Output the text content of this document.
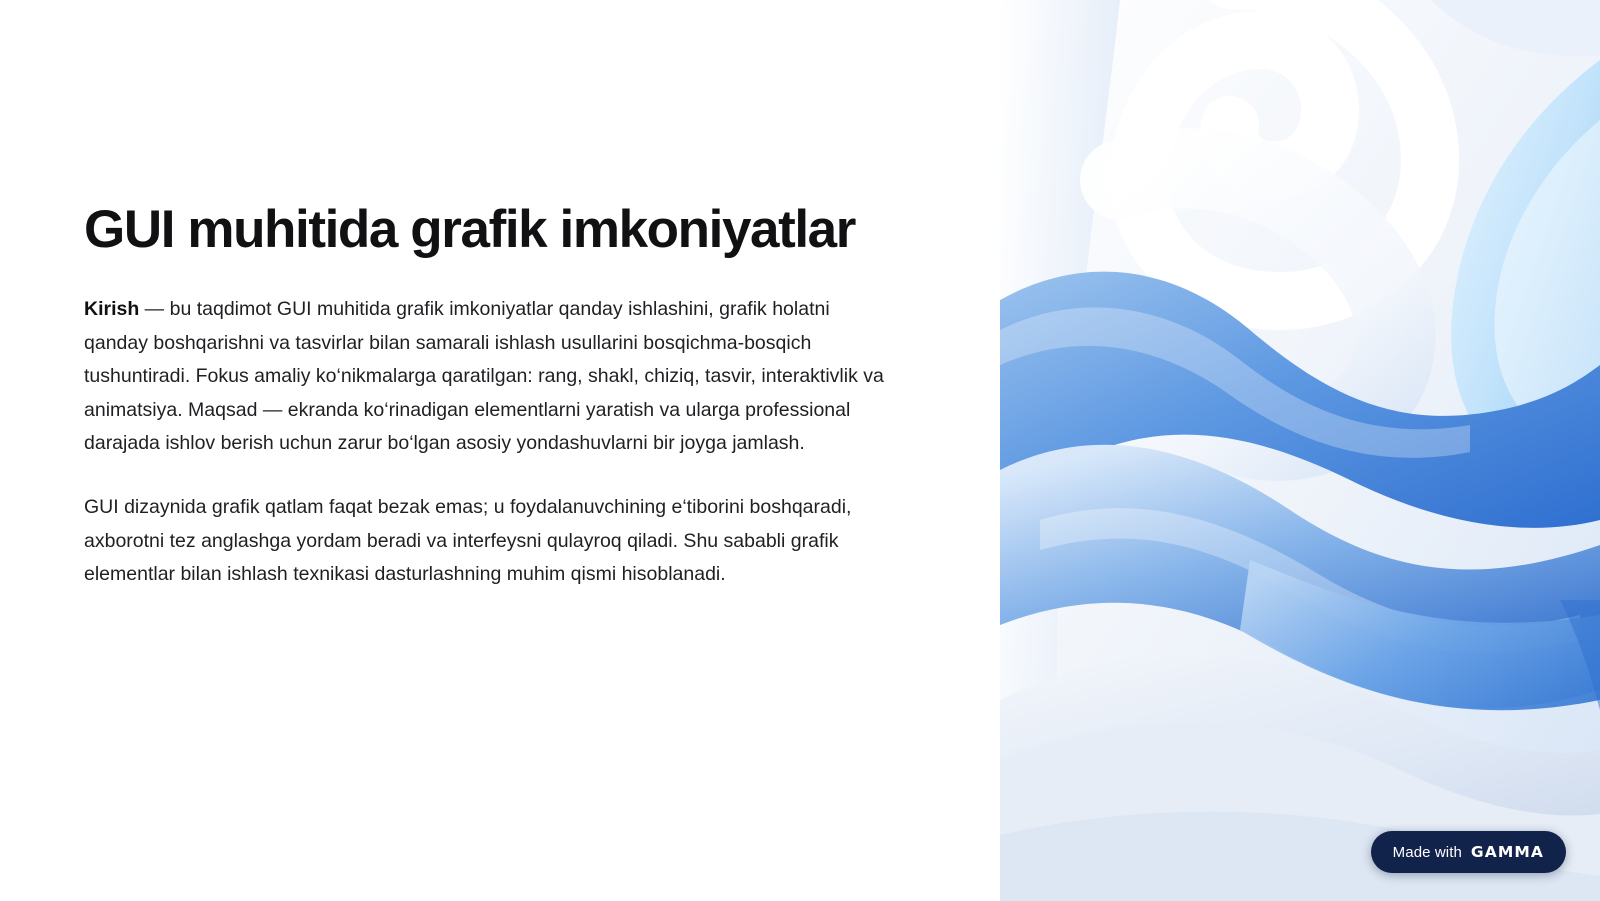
GUI muhitida grafik imkoniyatlar

Kirish — bu taqdimot GUI muhitida grafik imkoniyatlar qanday ishlashini, grafik holatni qanday boshqarishni va tasvirlar bilan samarali ishlash usullarini bosqichma-bosqich tushuntiradi. Fokus amaliy ko‘nikmalarga qaratilgan: rang, shakl, chiziq, tasvir, interaktivlik va animatsiya. Maqsad — ekranda ko‘rinadigan elementlarni yaratish va ularga professional darajada ishlov berish uchun zarur bo‘lgan asosiy yondashuvlarni bir joyga jamlash.

GUI dizaynida grafik qatlam faqat bezak emas; u foydalanuvchining e‘tiborini boshqaradi, axborotni tez anglashga yordam beradi va interfeysni qulayroq qiladi. Shu sababli grafik elementlar bilan ishlash texnikasi dasturlashning muhim qismi hisoblanadi.

Made with GAMMA
